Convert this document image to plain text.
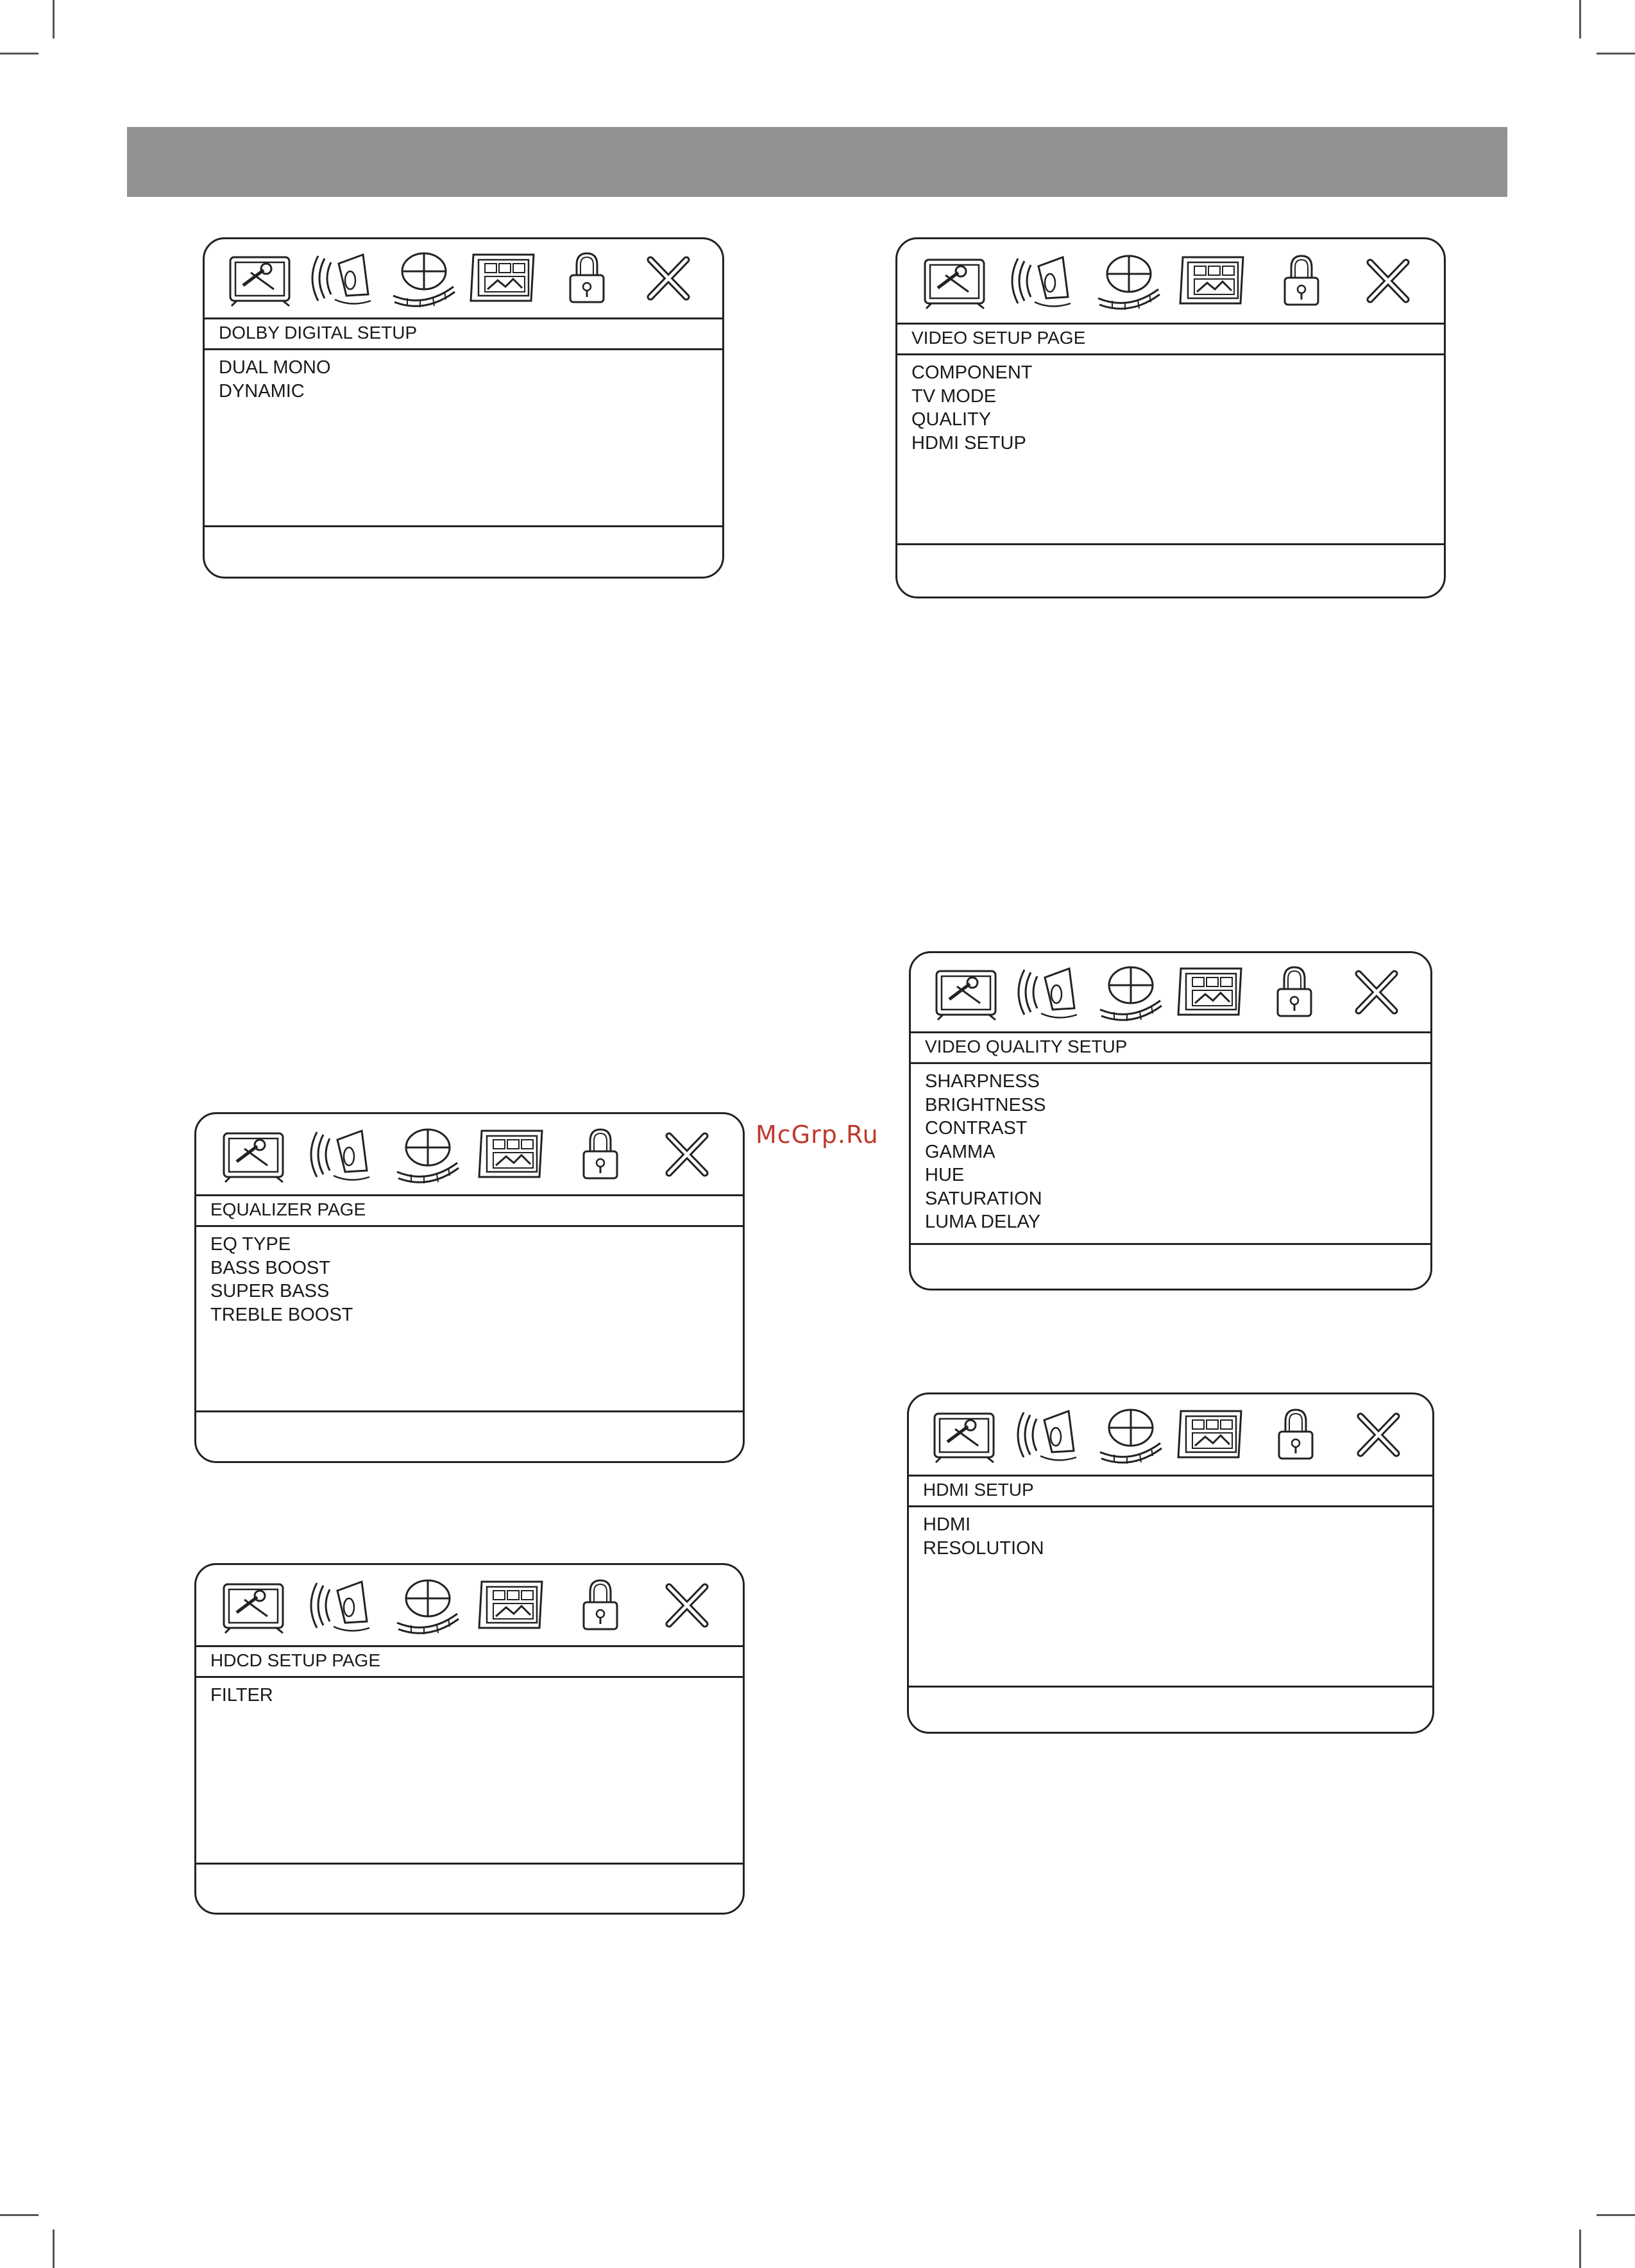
McGrp.Ru
DOLBY DIGITAL SETUP
DUAL MONO
DYNAMIC
VIDEO SETUP PAGE
COMPONENT
TV MODE
QUALITY
HDMI SETUP
EQUALIZER PAGE
EQ TYPE
BASS BOOST
SUPER BASS
TREBLE BOOST
VIDEO QUALITY SETUP
SHARPNESS
BRIGHTNESS
CONTRAST
GAMMA
HUE
SATURATION
LUMA DELAY
HDCD SETUP PAGE
FILTER
HDMI SETUP
HDMI
RESOLUTION
